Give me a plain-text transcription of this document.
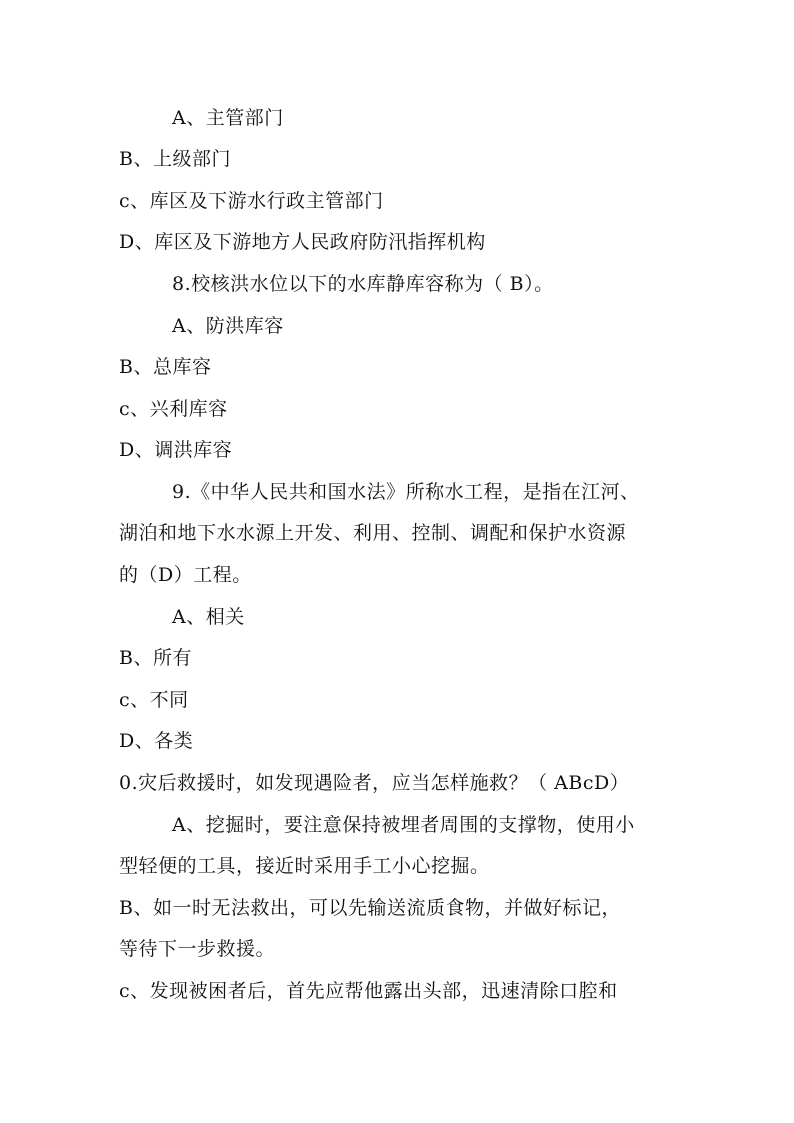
A、主管部门
B、上级部门
c、库区及下游水行政主管部门
D、库区及下游地方人民政府防汛指挥机构
8.校核洪水位以下的水库静库容称为（ B）。
A、防洪库容
B、总库容
c、兴利库容
D、调洪库容
9.《中华人民共和国水法》所称水工程，是指在江河、
湖泊和地下水水源上开发、利用、控制、调配和保护水资源
的（D）工程。
A、相关
B、所有
c、不同
D、各类
0.灾后救援时，如发现遇险者，应当怎样施救？（ ABcD）
A、挖掘时，要注意保持被埋者周围的支撑物，使用小
型轻便的工具，接近时采用手工小心挖掘。
B、如一时无法救出，可以先输送流质食物，并做好标记，
等待下一步救援。
c、发现被困者后，首先应帮他露出头部，迅速清除口腔和
